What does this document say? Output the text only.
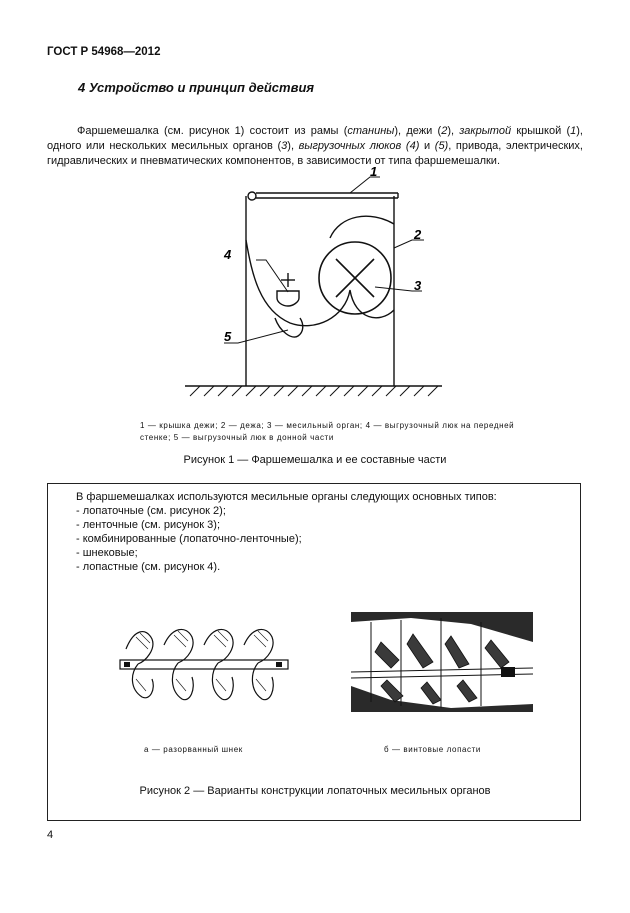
ГОСТ Р 54968—2012
4 Устройство и принцип действия

Фаршемешалка (см. рисунок 1) состоит из рамы (станины), дежи (2), закрытой крышкой (1), одного или нескольких месильных органов (3), выгрузочных люков (4) и (5), привода, электрических, гидравлических и пневматических компонентов, в зависимости от типа фаршемешалки.

1
2
3
4
5
1 — крышка дежи; 2 — дежа; 3 — месильный орган; 4 — выгрузочный люк на передней стенке; 5 — выгрузочный люк в донной части
Рисунок 1 — Фаршемешалка и ее составные части
В фаршемешалках используются месильные органы следующих основных типов:
- лопаточные (см. рисунок 2);
- ленточные (см. рисунок 3);
- комбинированные (лопаточно-ленточные);
- шнековые;
- лопастные (см. рисунок 4).
а — разорванный шнек	б — винтовые лопасти
Рисунок 2 — Варианты конструкции лопаточных месильных органов
4
